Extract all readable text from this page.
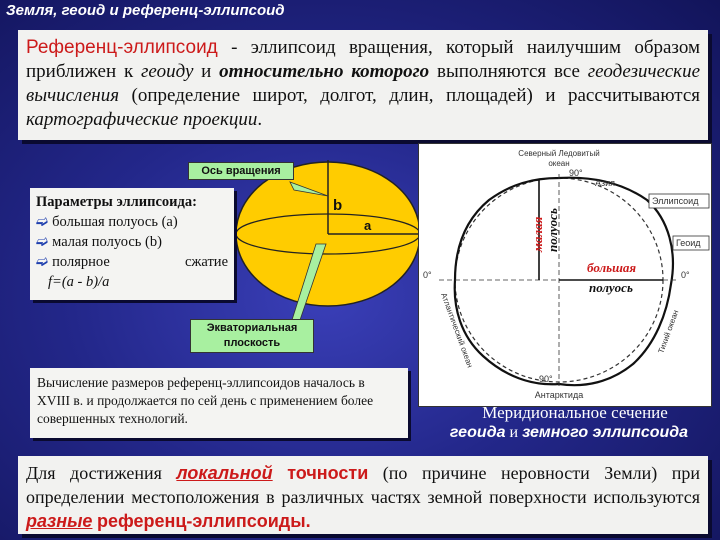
Земля, геоид и референц-эллипсоид
Референц-эллипсоид - эллипсоид вращения, который наилучшим образом приближен к геоиду и относительно которого выполняются все геодезические вычисления (определение широт, долгот, длин, площадей) и рассчитываются картографические проекции.
b
a
Ось вращения
Экваториальная
плоскость
Параметры эллипсоида:
➫ большая полуось (a)
➫ малая полуось (b)
➫ полярное	сжатие
f=(a - b)/a
Северный Ледовитый
океан
90°
Азия
Эллипсоид
Геоид
0°	0°
Атлантический океан	Тихий океан
90°
Антарктида
малая полуось
большая
полуось
Вычисление размеров референц-эллипсоидов началось в XVIII в. и продолжается по сей день с применением более совершенных технологий.	Меридиональное сечение
геоида и земного эллипсоида
Для достижения локальной точности (по причине неровности Земли) при определении местоположения в различных частях земной поверхности используются разные референц-эллипсоиды.
